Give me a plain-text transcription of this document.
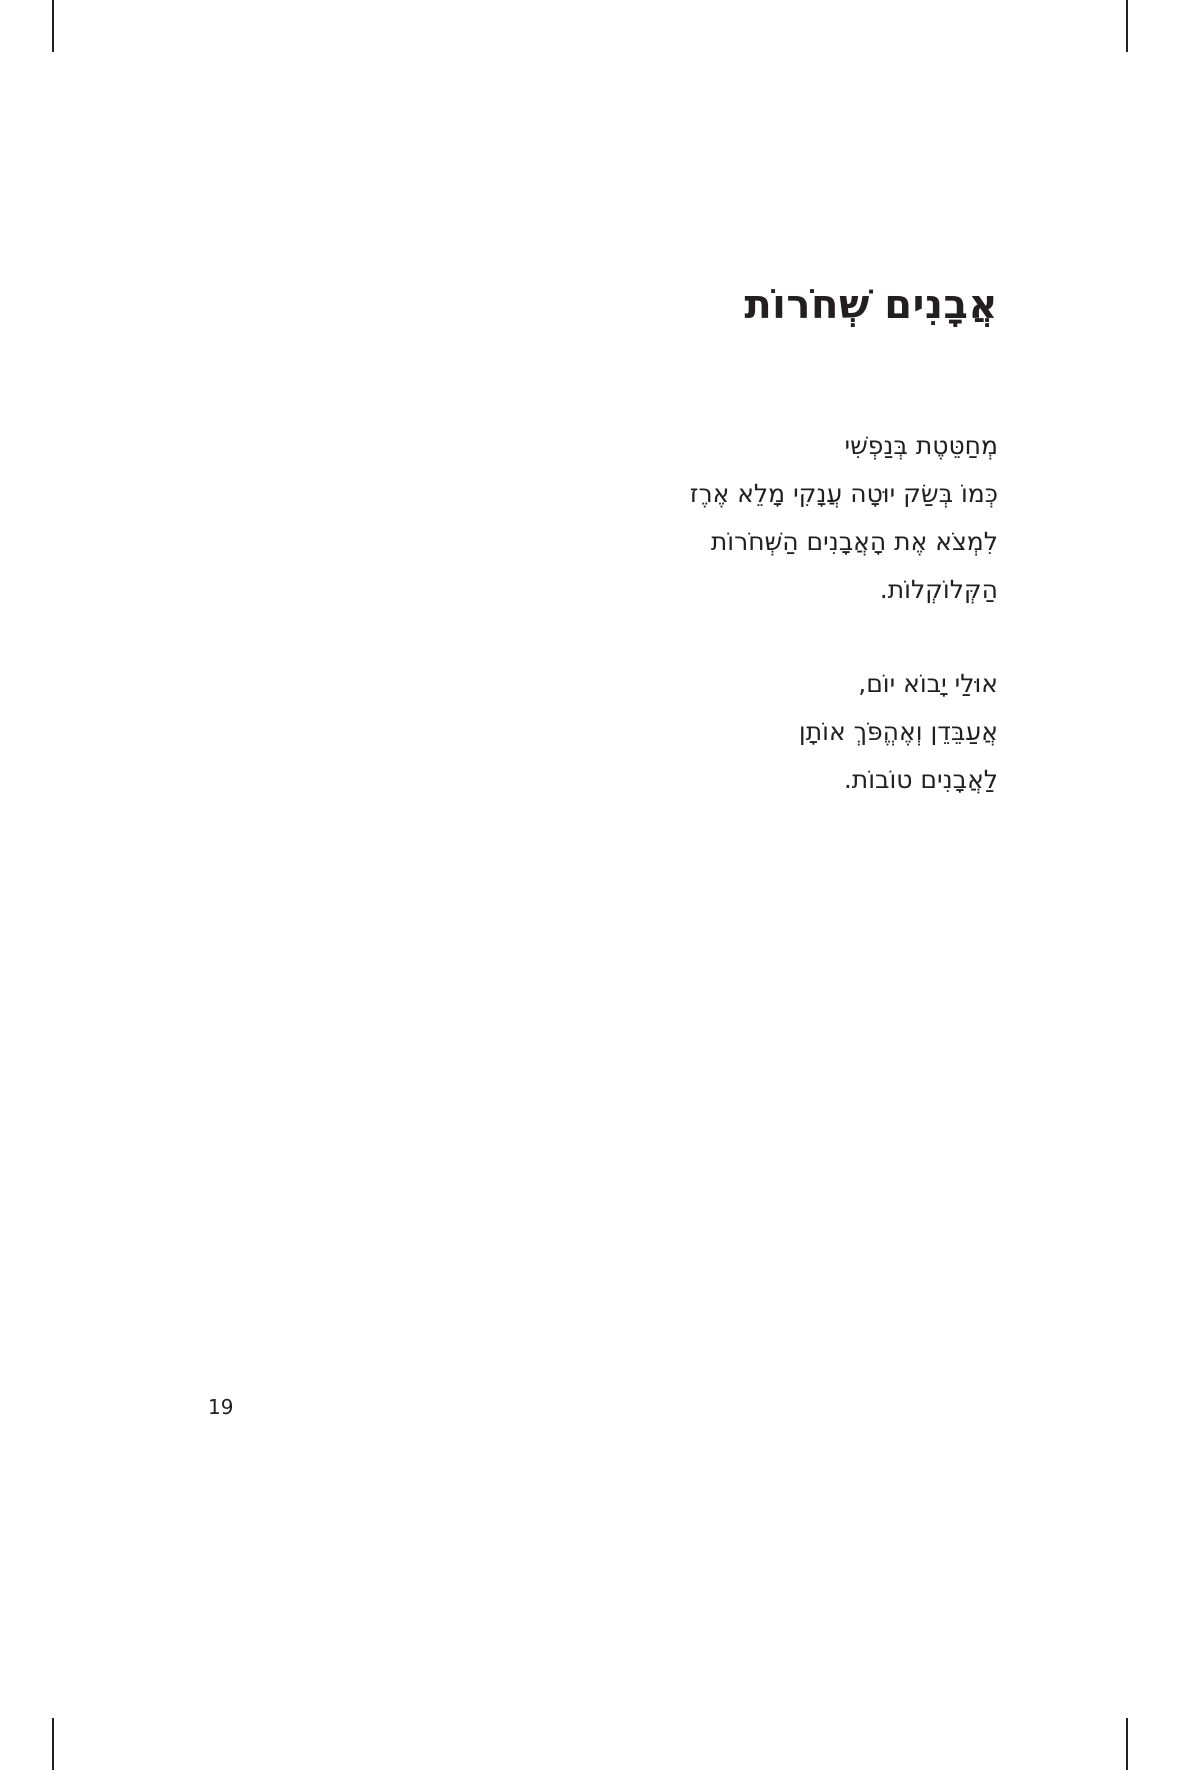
אֲבָנִים שְׁחֹרוֹת

מְחַטֵּטֶת בְּנַפְשִׁי
כְּמוֹ בְּשַׂק יוּטָה עֲנָקִי מָלֵא אֶרֶז
לִמְצֹא אֶת הָאֲבָנִים הַשְּׁחֹרוֹת
הַקְּלוֹקְלוֹת.

אוּלַי יָבוֹא יוֹם,
אֲעַבֵּדֵן וְאֶהֱפֹּךְ אוֹתָן
לַאֲבָנִים טוֹבוֹת.

19
